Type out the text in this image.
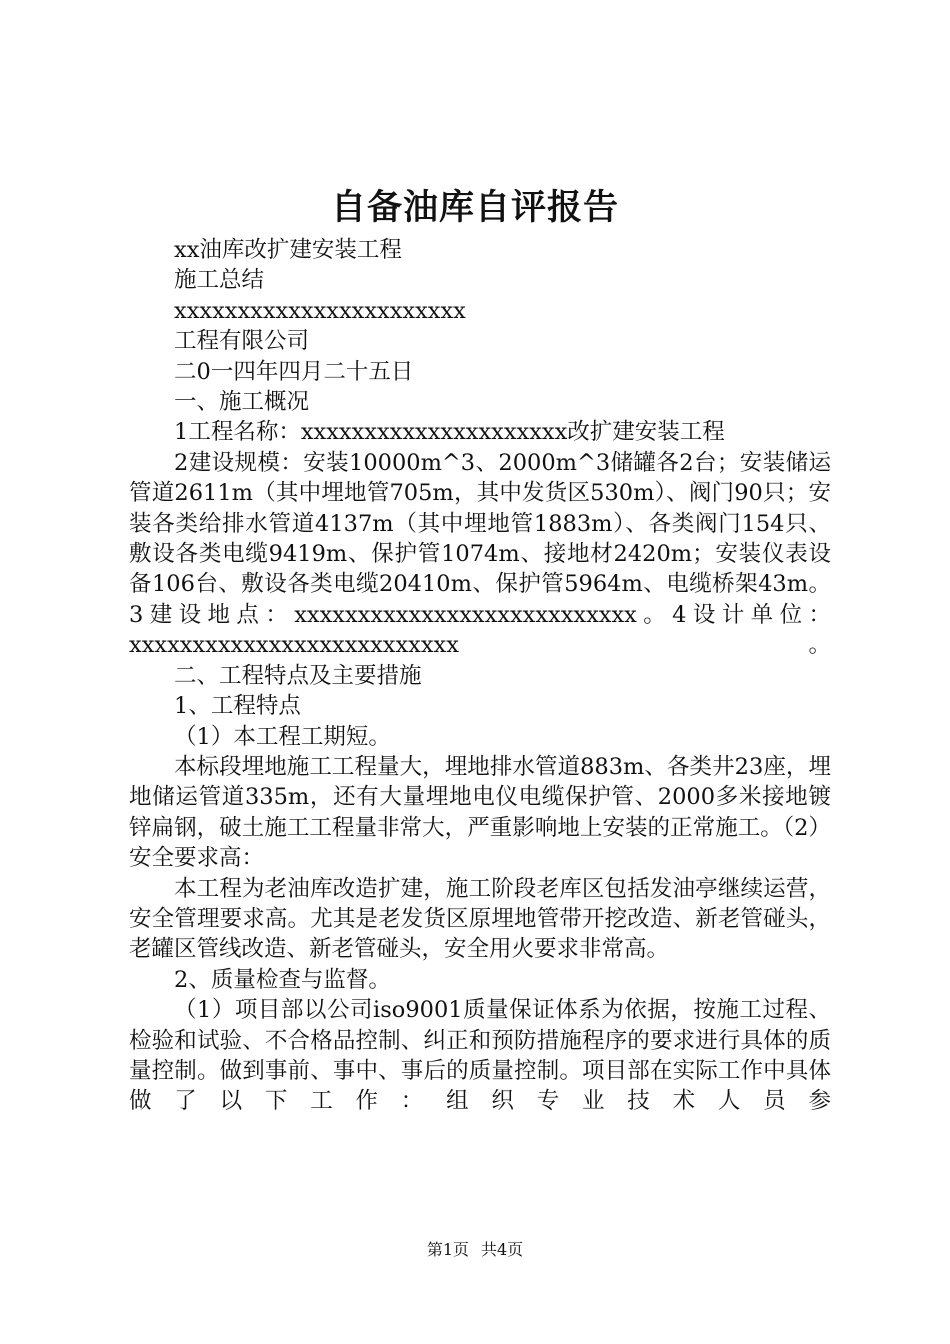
自备油库自评报告

xx油库改扩建安装工程

施工总结

xxxxxxxxxxxxxxxxxxxxxxx

工程有限公司

二0一四年四月二十五日

一、施工概况

1工程名称：xxxxxxxxxxxxxxxxxxxxx改扩建安装工程

2建设规模：安装10000m^3、2000m^3储罐各2台；安装储运管道2611m（其中埋地管705m，其中发货区530m）、阀门90只；安装各类给排水管道4137m（其中埋地管1883m）、各类阀门154只、敷设各类电缆9419m、保护管1074m、接地材2420m；安装仪表设备106台、敷设各类电缆20410m、保护管5964m、电缆桥架43m。3建设地点：xxxxxxxxxxxxxxxxxxxxxxxxxxx。4设计单位：xxxxxxxxxxxxxxxxxxxxxxxxxx。

二、工程特点及主要措施

1、工程特点

（1）本工程工期短。

本标段埋地施工工程量大，埋地排水管道883m、各类井23座，埋地储运管道335m，还有大量埋地电仪电缆保护管、2000多米接地镀锌扁钢，破土施工工程量非常大，严重影响地上安装的正常施工。（2）安全要求高：

本工程为老油库改造扩建，施工阶段老库区包括发油亭继续运营，安全管理要求高。尤其是老发货区原埋地管带开挖改造、新老管碰头，老罐区管线改造、新老管碰头，安全用火要求非常高。

2、质量检查与监督。

（1）项目部以公司iso9001质量保证体系为依据，按施工过程、检验和试验、不合格品控制、纠正和预防措施程序的要求进行具体的质量控制。做到事前、事中、事后的质量控制。项目部在实际工作中具体做了以下工作：组织专业技术人员参

第1页 共4页
